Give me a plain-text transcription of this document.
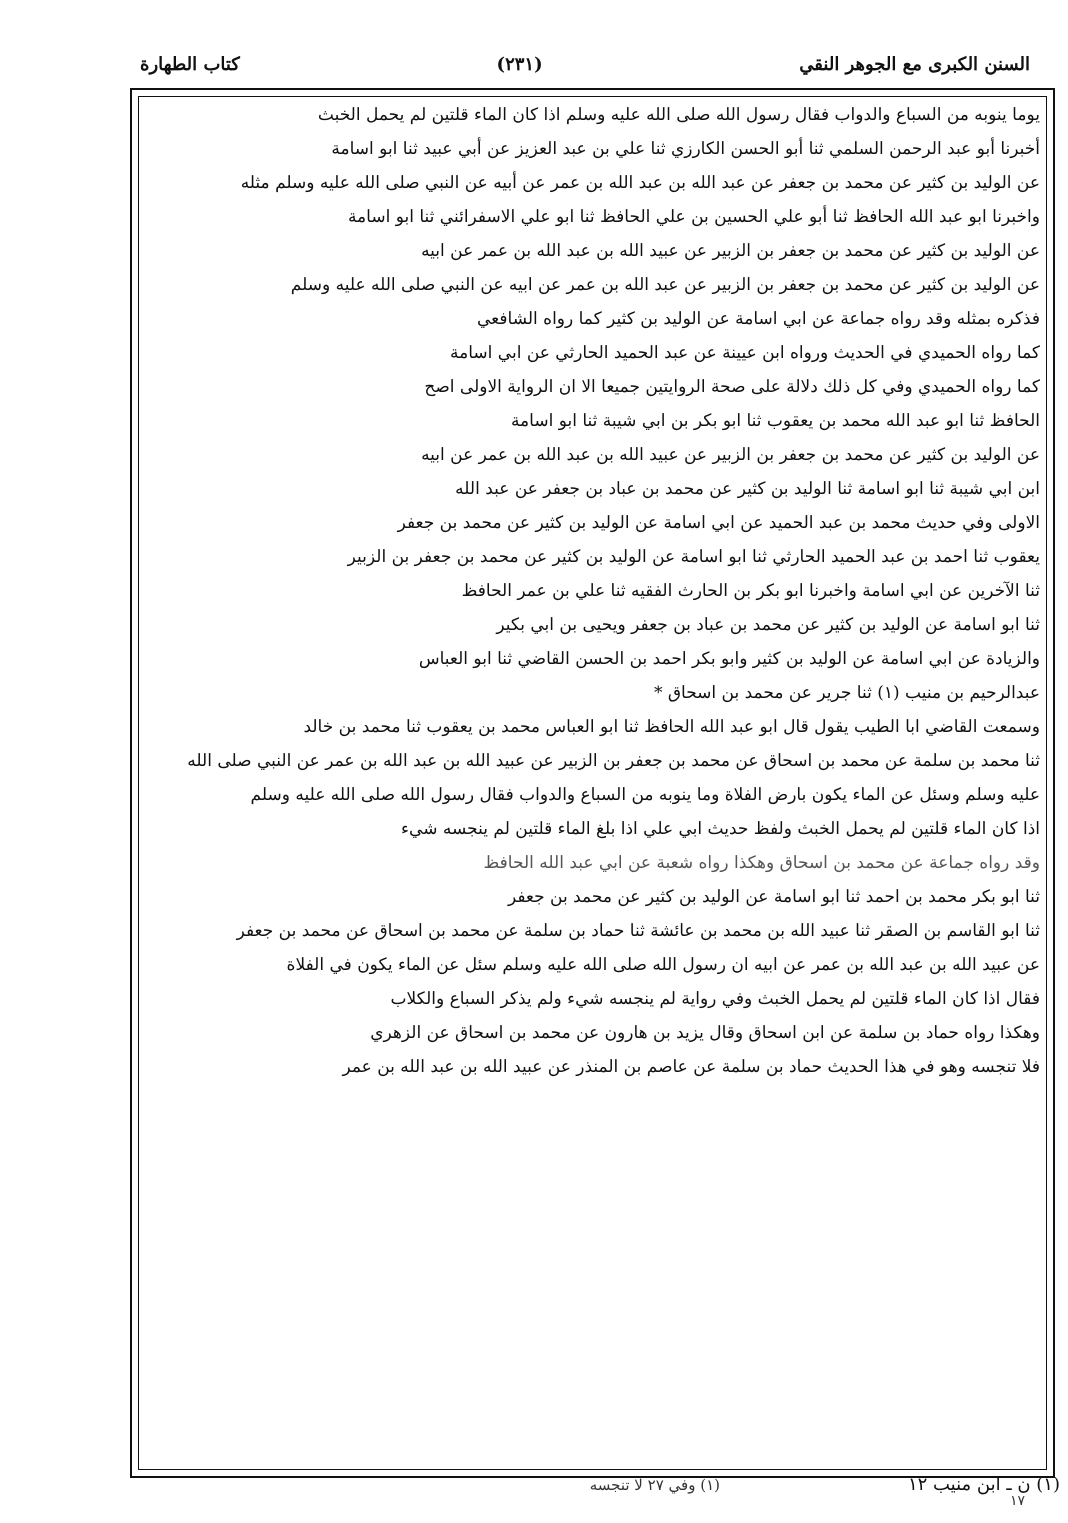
السنن الكبرى مع الجوهر النقي
(٢٣١)
كتاب الطهارة
يوما ينوبه من السباع والدواب فقال رسول الله صلى الله عليه وسلم اذا كان الماء قلتين لم يحمل الخبث
أخبرنا أبو عبد الرحمن السلمي ثنا أبو الحسن الكارزي ثنا علي بن عبد العزيز عن أبي عبيد ثنا ابو اسامة
عن الوليد بن كثير عن محمد بن جعفر عن عبد الله بن عبد الله بن عمر عن أبيه عن النبي صلى الله عليه وسلم مثله
واخبرنا ابو عبد الله الحافظ ثنا أبو علي الحسين بن علي الحافظ ثنا ابو علي الاسفرائني ثنا ابو اسامة
عن الوليد بن كثير عن محمد بن جعفر بن الزبير عن عبيد الله بن عبد الله بن عمر عن ابيه
عن الوليد بن كثير عن محمد بن جعفر بن الزبير عن عبد الله بن عمر عن ابيه عن النبي صلى الله عليه وسلم
فذكره بمثله وقد رواه جماعة عن ابي اسامة عن الوليد بن كثير كما رواه الشافعي
كما رواه الحميدي في الحديث ورواه ابن عيينة عن عبد الحميد الحارثي عن ابي اسامة
كما رواه الحميدي وفي كل ذلك دلالة على صحة الروايتين جميعا الا ان الرواية الاولى اصح
الحافظ ثنا ابو عبد الله محمد بن يعقوب ثنا ابو بكر بن ابي شيبة ثنا ابو اسامة
عن الوليد بن كثير عن محمد بن جعفر بن الزبير عن عبيد الله بن عبد الله بن عمر عن ابيه
ابن ابي شيبة ثنا ابو اسامة ثنا الوليد بن كثير عن محمد بن عباد بن جعفر عن عبد الله
الاولى وفي حديث محمد بن عبد الحميد عن ابي اسامة عن الوليد بن كثير عن محمد بن جعفر
يعقوب ثنا احمد بن عبد الحميد الحارثي ثنا ابو اسامة عن الوليد بن كثير عن محمد بن جعفر بن الزبير
ثنا الآخرين عن ابي اسامة واخبرنا ابو بكر بن الحارث الفقيه ثنا علي بن عمر الحافظ
ثنا ابو اسامة عن الوليد بن كثير عن محمد بن عباد بن جعفر ويحيى بن ابي بكير
والزيادة عن ابي اسامة عن الوليد بن كثير وابو بكر احمد بن الحسن القاضي ثنا ابو العباس
عبدالرحيم بن منيب (١) ثنا جرير عن محمد بن اسحاق *
وسمعت القاضي ابا الطيب يقول قال ابو عبد الله الحافظ ثنا ابو العباس محمد بن يعقوب ثنا محمد بن خالد
ثنا محمد بن سلمة عن محمد بن اسحاق عن محمد بن جعفر بن الزبير عن عبيد الله بن عبد الله بن عمر عن النبي صلى الله
عليه وسلم وسئل عن الماء يكون بارض الفلاة وما ينوبه من السباع والدواب فقال رسول الله صلى الله عليه وسلم
اذا كان الماء قلتين لم يحمل الخبث ولفظ حديث ابي علي اذا بلغ الماء قلتين لم ينجسه شيء
وقد رواه جماعة عن محمد بن اسحاق وهكذا رواه شعبة عن ابي عبد الله الحافظ
ثنا ابو بكر محمد بن احمد ثنا ابو اسامة عن الوليد بن كثير عن محمد بن جعفر
ثنا ابو القاسم بن الصقر ثنا عبيد الله بن محمد بن عائشة ثنا حماد بن سلمة عن محمد بن اسحاق عن محمد بن جعفر
عن عبيد الله بن عبد الله بن عمر عن ابيه ان رسول الله صلى الله عليه وسلم سئل عن الماء يكون في الفلاة
فقال اذا كان الماء قلتين لم يحمل الخبث وفي رواية لم ينجسه شيء ولم يذكر السباع والكلاب
وهكذا رواه حماد بن سلمة عن ابن اسحاق وقال يزيد بن هارون عن محمد بن اسحاق عن الزهري
فلا تنجسه وهو في هذا الحديث حماد بن سلمة عن عاصم بن المنذر عن عبيد الله بن عبد الله بن عمر
(١) ن ـ ابن منيب ١٢
(١) وفي ٢٧ لا تنجسه
١٧
